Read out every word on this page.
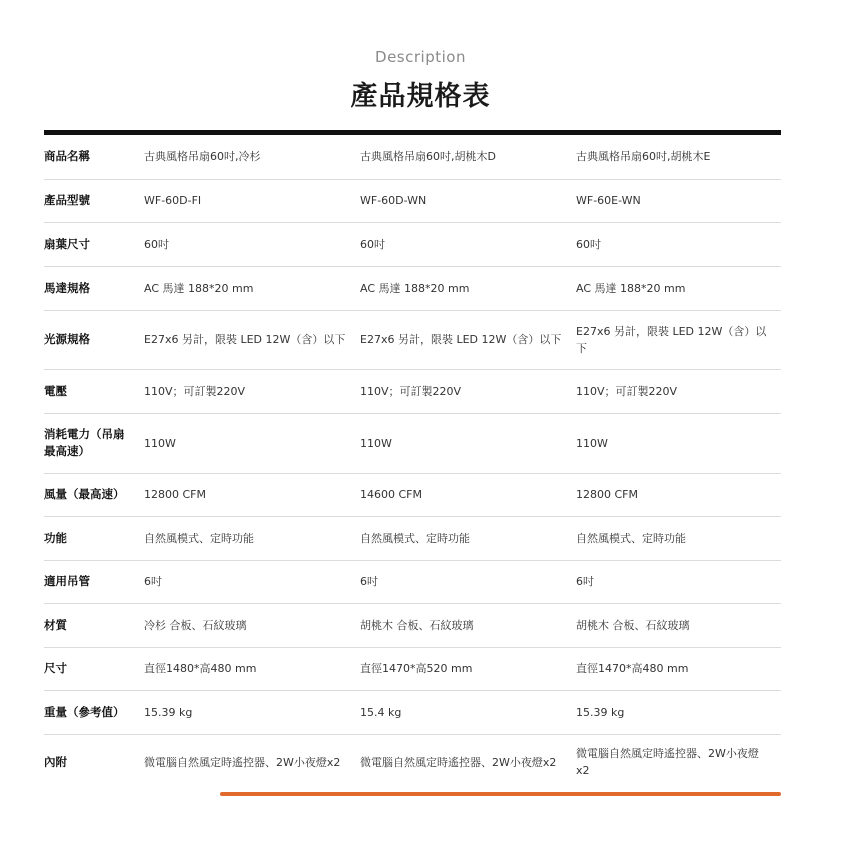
Description
產品規格表
商品名稱	古典風格吊扇60吋,冷杉	古典風格吊扇60吋,胡桃木D	古典風格吊扇60吋,胡桃木E
產品型號	WF-60D-FI	WF-60D-WN	WF-60E-WN
扇葉尺寸	60吋	60吋	60吋
馬達規格	AC 馬達 188*20 mm	AC 馬達 188*20 mm	AC 馬達 188*20 mm
光源規格	E27x6 另計，限裝 LED 12W（含）以下	E27x6 另計，限裝 LED 12W（含）以下	E27x6 另計，限裝 LED 12W（含）以下
電壓	110V；可訂製220V	110V；可訂製220V	110V；可訂製220V
消耗電力（吊扇最高速）	110W	110W	110W
風量（最高速）	12800 CFM	14600 CFM	12800 CFM
功能	自然風模式、定時功能	自然風模式、定時功能	自然風模式、定時功能
適用吊管	6吋	6吋	6吋
材質	冷杉 合板、石紋玻璃	胡桃木 合板、石紋玻璃	胡桃木 合板、石紋玻璃
尺寸	直徑1480*高480 mm	直徑1470*高520 mm	直徑1470*高480 mm
重量（參考值）	15.39 kg	15.4 kg	15.39 kg
內附	微電腦自然風定時遙控器、2W小夜燈x2	微電腦自然風定時遙控器、2W小夜燈x2	微電腦自然風定時遙控器、2W小夜燈x2
